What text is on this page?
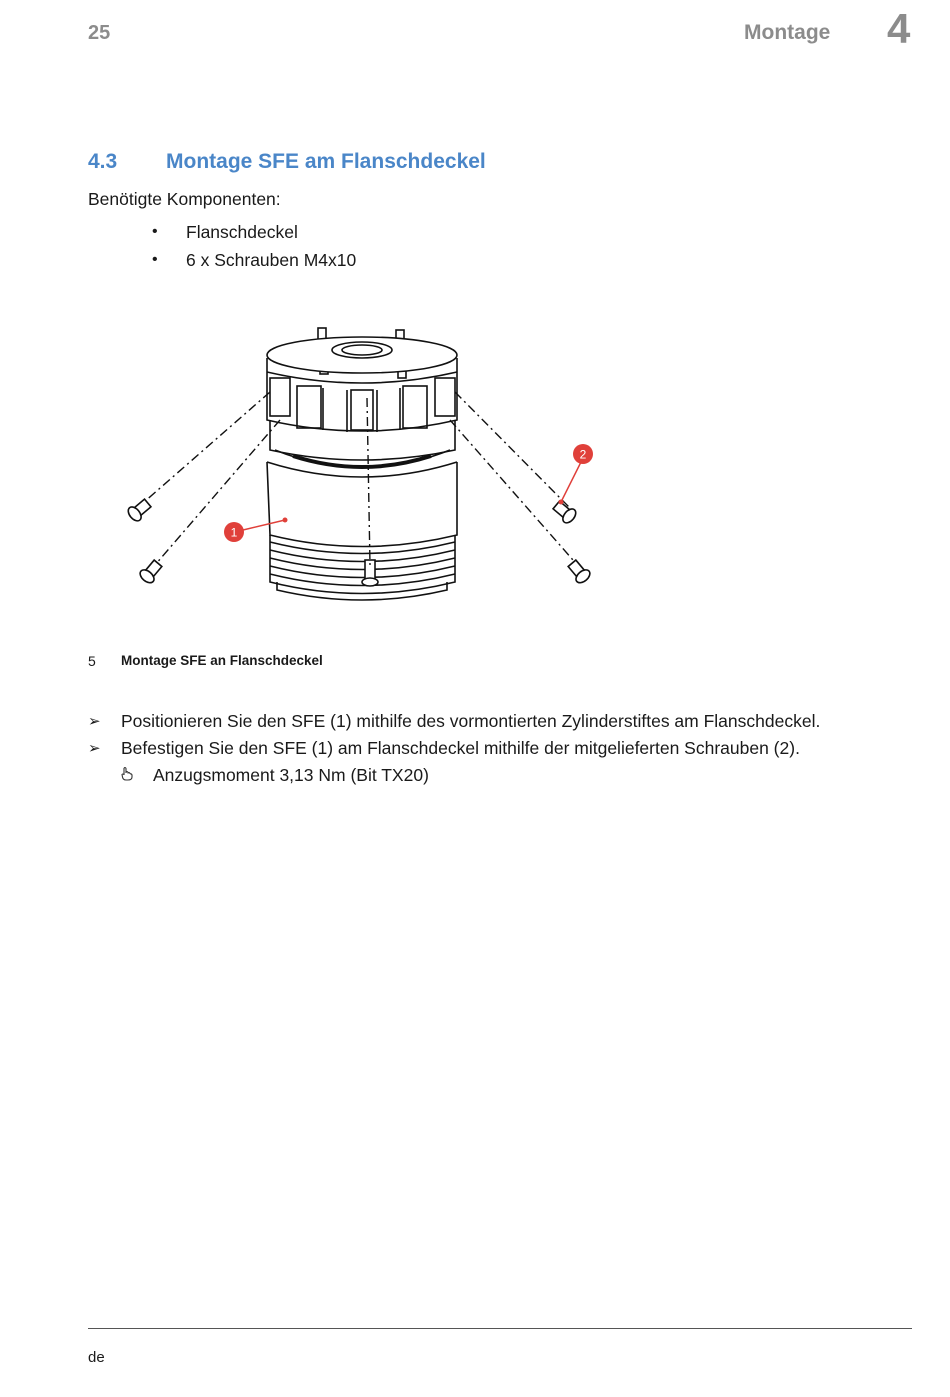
25	Montage 4
4.3 Montage SFE am Flanschdeckel
Benötigte Komponenten:
•	Flanschdeckel
•	6 x Schrauben M4x10
1
2
5 Montage SFE an Flanschdeckel
➢ Positionieren Sie den SFE (1) mithilfe des vormontierten Zylinderstiftes am Flanschdeckel.
➢ Befestigen Sie den SFE (1) am Flanschdeckel mithilfe der mitgelieferten Schrauben (2).
Anzugsmoment 3,13 Nm (Bit TX20)
de
